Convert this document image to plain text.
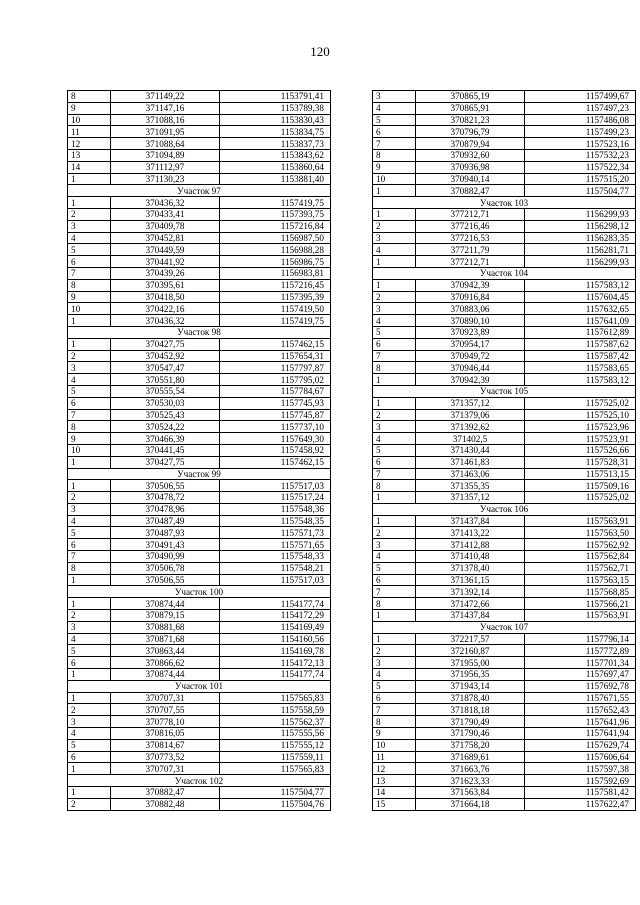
120
8	371149,22	1153791,41
9	371147,16	1153789,38
10	371088,16	1153830,43
11	371091,95	1153834,75
12	371088,64	1153837,73
13	371094,89	1153843,62
14	371112,97	1153860,64
1	371130,23	1153881,40
Участок 97		
1	370436,32	1157419,75
2	370433,41	1157393,75
3	370409,78	1157216,84
4	370452,81	1156987,50
5	370449,59	1156988,28
6	370441,92	1156986,75
7	370439,26	1156983,81
8	370395,61	1157216,45
9	370418,50	1157395,39
10	370422,16	1157419,50
1	370436,32	1157419,75
Участок 98		
1	370427,75	1157462,15
2	370452,92	1157654,31
3	370547,47	1157797,87
4	370551,80	1157795,02
5	370555,54	1157784,67
6	370530,03	1157745,93
7	370525,43	1157745,87
8	370524,22	1157737,10
9	370466,39	1157649,30
10	370441,45	1157458,92
1	370427,75	1157462,15
Участок 99		
1	370506,55	1157517,03
2	370478,72	1157517,24
3	370478,96	1157548,36
4	370487,49	1157548,35
5	370487,93	1157571,73
6	370491,43	1157571,65
7	370490,99	1157548,33
8	370506,78	1157548,21
1	370506,55	1157517,03
Участок 100		
1	370874,44	1154177,74
2	370879,15	1154172,29
3	370881,68	1154169,49
4	370871,68	1154160,56
5	370863,44	1154169,78
6	370866,62	1154172,13
1	370874,44	1154177,74
Участок 101		
1	370707,31	1157565,83
2	370707,55	1157558,59
3	370778,10	1157562,37
4	370816,05	1157555,56
5	370814,67	1157555,12
6	370773,52	1157559,11
1	370707,31	1157565,83
Участок 102		
1	370882,47	1157504,77
2	370882,48	1157504,76
3	370865,19	1157499,67
4	370865,91	1157497,23
5	370821,23	1157486,08
6	370796,79	1157499,23
7	370879,94	1157523,16
8	370932,60	1157532,23
9	370936,98	1157522,34
10	370940,14	1157515,20
1	370882,47	1157504,77
Участок 103		
1	377212,71	1156299,93
2	377216,46	1156298,12
3	377216,53	1156283,35
4	377211,79	1156281,71
1	377212,71	1156299,93
Участок 104		
1	370942,39	1157583,12
2	370916,84	1157604,45
3	370883,06	1157632,65
4	370890,10	1157641,09
5	370923,89	1157612,89
6	370954,17	1157587,62
7	370949,72	1157587,42
8	370946,44	1157583,65
1	370942,39	1157583,12
Участок 105		
1	371357,12	1157525,02
2	371379,06	1157525,10
3	371392,62	1157523,96
4	371402,5	1157523,91
5	371430,44	1157526,66
6	371461,83	1157528,31
7	371463,06	1157513,15
8	371355,35	1157509,16
1	371357,12	1157525,02
Участок 106		
1	371437,84	1157563,91
2	371413,22	1157563,50
3	371412,88	1157562,92
4	371410,48	1157562,84
5	371378,40	1157562,71
6	371361,15	1157563,15
7	371392,14	1157568,85
8	371472,66	1157566,21
1	371437,84	1157563,91
Участок 107		
1	372217,57	1157796,14
2	372160,87	1157772,89
3	371955,00	1157701,34
4	371956,35	1157697,47
5	371943,14	1157692,78
6	371878,40	1157671,55
7	371818,18	1157652,43
8	371790,49	1157641,96
9	371790,46	1157641,94
10	371758,20	1157629,74
11	371689,61	1157606,64
12	371663,76	1157597,38
13	371623,33	1157592,69
14	371563,84	1157581,42
15	371664,18	1157622,47
